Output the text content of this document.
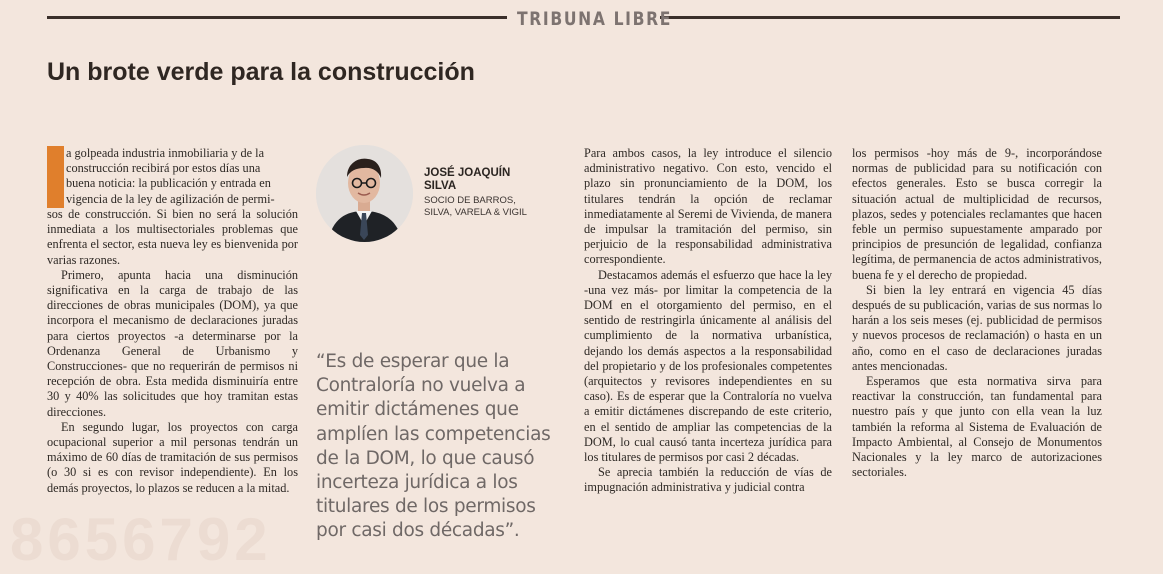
8656792
TRIBUNA LIBRE
Un brote verde para la construcción
a golpeada industria inmobiliaria y de la
construcción recibirá por estos días una
buena noticia: la publicación y entrada en
vigencia de la ley de agilización de permi-

sos de construcción. Si bien no será la solución inmediata a los multisectoriales problemas que enfrenta el sector, esta nueva ley es bienvenida por varias razones.

Primero, apunta hacia una disminución significativa en la carga de trabajo de las direcciones de obras municipales (DOM), ya que incorpora el mecanismo de declaraciones juradas para ciertos proyectos -a determinarse por la Ordenanza General de Urbanismo y Construcciones- que no requerirán de permisos ni recepción de obra. Esta medida disminuiría entre 30 y 40% las solicitudes que hoy tramitan estas direcciones.

En segundo lugar, los proyectos con carga ocupacional superior a mil personas tendrán un máximo de 60 días de tramitación de sus permisos (o 30 si es con revisor independiente). En los demás proyectos, lo plazos se reducen a la mitad.

JOSÉ JOAQUÍN
SILVA
SOCIO DE BARROS,
SILVA, VARELA & VIGIL
“Es de esperar que la Contraloría no vuelva a emitir dictámenes que amplíen las competencias de la DOM, lo que causó incerteza jurídica a los titulares de los permisos por casi dos décadas”.

Para ambos casos, la ley introduce el silencio administrativo negativo. Con esto, vencido el plazo sin pronunciamiento de la DOM, los titulares tendrán la opción de reclamar inmediatamente al Seremi de Vivienda, de manera de impulsar la tramitación del permiso, sin perjuicio de la responsabilidad administrativa correspondiente.

Destacamos además el esfuerzo que hace la ley -una vez más- por limitar la competencia de la DOM en el otorgamiento del permiso, en el sentido de restringirla únicamente al análisis del cumplimiento de la normativa urbanística, dejando los demás aspectos a la responsabilidad del propietario y de los profesionales competentes (arquitectos y revisores independientes en su caso). Es de esperar que la Contraloría no vuelva a emitir dictámenes discrepando de este criterio, en el sentido de ampliar las competencias de la DOM, lo cual causó tanta incerteza jurídica para los titulares de permisos por casi 2 décadas.

Se aprecia también la reducción de vías de impugnación administrativa y judicial contra

los permisos -hoy más de 9-, incorporándose normas de publicidad para su notificación con efectos generales. Esto se busca corregir la situación actual de multiplicidad de recursos, plazos, sedes y potenciales reclamantes que hacen feble un permiso supuestamente amparado por principios de presunción de legalidad, confianza legítima, de permanencia de actos administrativos, buena fe y el derecho de propiedad.

Si bien la ley entrará en vigencia 45 días después de su publicación, varias de sus normas lo harán a los seis meses (ej. publicidad de permisos y nuevos procesos de reclamación) o hasta en un año, como en el caso de declaraciones juradas antes mencionadas.

Esperamos que esta normativa sirva para reactivar la construcción, tan fundamental para nuestro país y que junto con ella vean la luz también la reforma al Sistema de Evaluación de Impacto Ambiental, al Consejo de Monumentos Nacionales y la ley marco de autorizaciones sectoriales.
